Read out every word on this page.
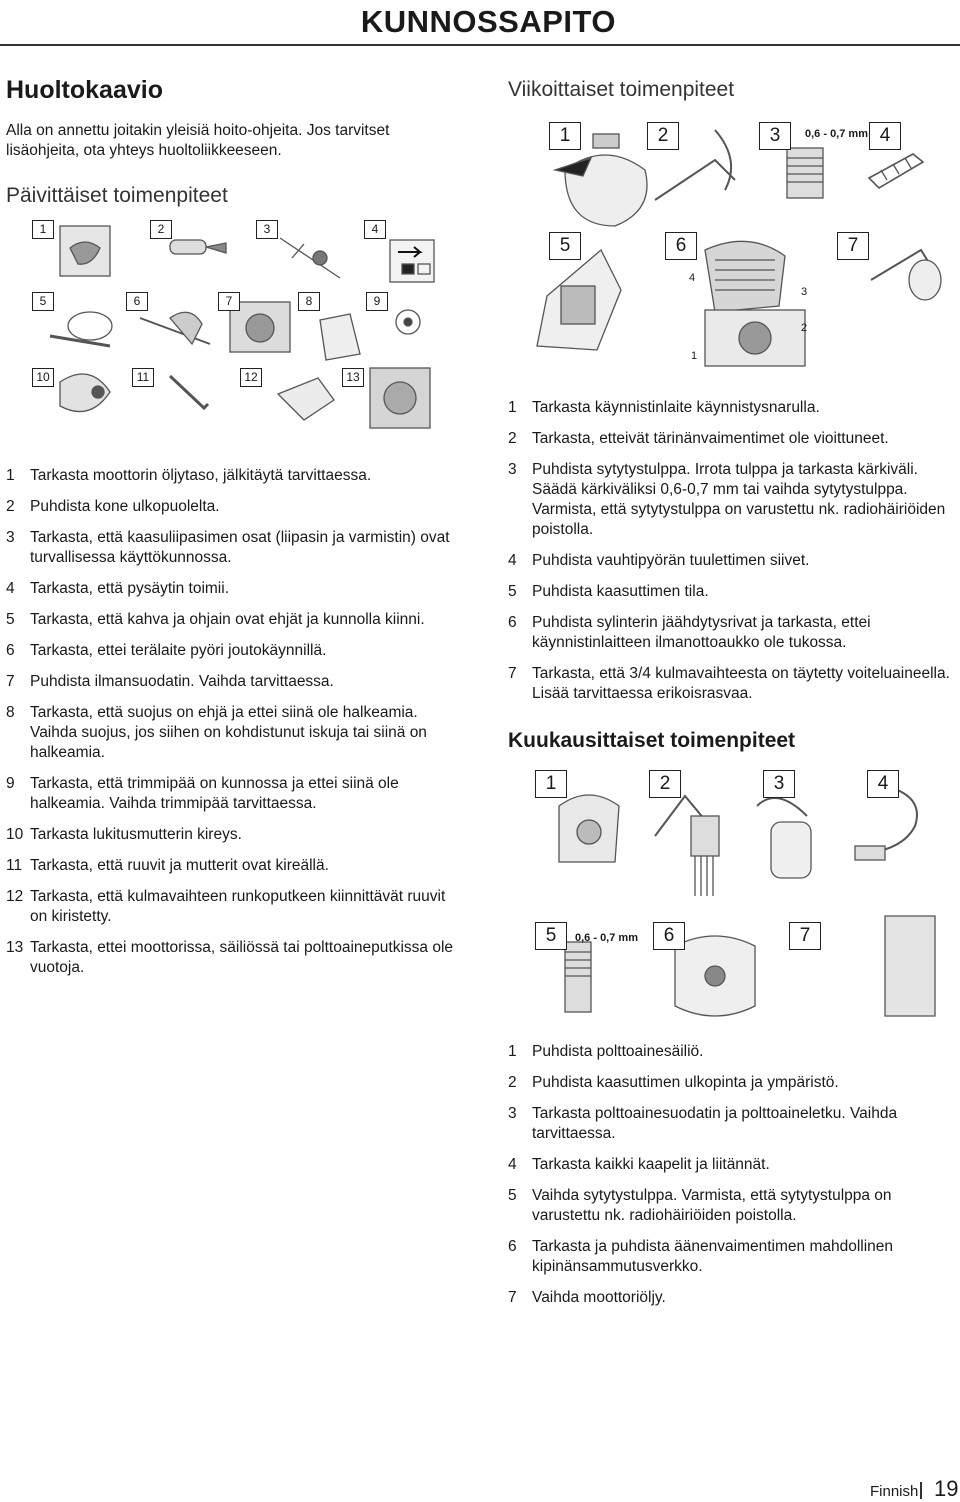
KUNNOSSAPITO
Huoltokaavio
Alla on annettu joitakin yleisiä hoito-ohjeita. Jos tarvitset lisäohjeita, ota yhteys huoltoliikkeeseen.
Päivittäiset toimenpiteet
1	2	3	4
5	6	7	8	9
10	11	12	13
1 Tarkasta moottorin öljytaso, jälkitäytä tarvittaessa.
2 Puhdista kone ulkopuolelta.
3 Tarkasta, että kaasuliipasimen osat (liipasin ja varmistin) ovat turvallisessa käyttökunnossa.
4 Tarkasta, että pysäytin toimii.
5 Tarkasta, että kahva ja ohjain ovat ehjät ja kunnolla kiinni.
6 Tarkasta, ettei terälaite pyöri joutokäynnillä.
7 Puhdista ilmansuodatin. Vaihda tarvittaessa.
8 Tarkasta, että suojus on ehjä ja ettei siinä ole halkeamia. Vaihda suojus, jos siihen on kohdistunut iskuja tai siinä on halkeamia.
9 Tarkasta, että trimmipää on kunnossa ja ettei siinä ole halkeamia. Vaihda trimmipää tarvittaessa.
10 Tarkasta lukitusmutterin kireys.
11 Tarkasta, että ruuvit ja mutterit ovat kireällä.
12 Tarkasta, että kulmavaihteen runkoputkeen kiinnittävät ruuvit on kiristetty.
13 Tarkasta, ettei moottorissa, säiliössä tai polttoaineputkissa ole vuotoja.
Viikoittaiset toimenpiteet
1	2	3	0,6 - 0,7 mm 4
5	6	7
4
3
2
1
1 Tarkasta käynnistinlaite käynnistysnarulla.
2 Tarkasta, etteivät tärinänvaimentimet ole vioittuneet.
3 Puhdista sytytystulppa. Irrota tulppa ja tarkasta kärkiväli. Säädä kärkiväliksi 0,6-0,7 mm tai vaihda sytytystulppa. Varmista, että sytytystulppa on varustettu nk. radiohäiriöiden poistolla.
4 Puhdista vauhtipyörän tuulettimen siivet.
5 Puhdista kaasuttimen tila.
6 Puhdista sylinterin jäähdytysrivat ja tarkasta, ettei käynnistinlaitteen ilmanottoaukko ole tukossa.
7 Tarkasta, että 3/4 kulmavaihteesta on täytetty voiteluaineella. Lisää tarvittaessa erikoisrasvaa.
Kuukausittaiset toimenpiteet
1	2	3	4
5	0,6 - 0,7 mm	6	7
1 Puhdista polttoainesäiliö.
2 Puhdista kaasuttimen ulkopinta ja ympäristö.
3 Tarkasta polttoainesuodatin ja polttoaineletku. Vaihda tarvittaessa.
4 Tarkasta kaikki kaapelit ja liitännät.
5 Vaihda sytytystulppa. Varmista, että sytytystulppa on varustettu nk. radiohäiriöiden poistolla.
6 Tarkasta ja puhdista äänenvaimentimen mahdollinen kipinänsammutusverkko.
7 Vaihda moottoriöljy.
Finnish 19
